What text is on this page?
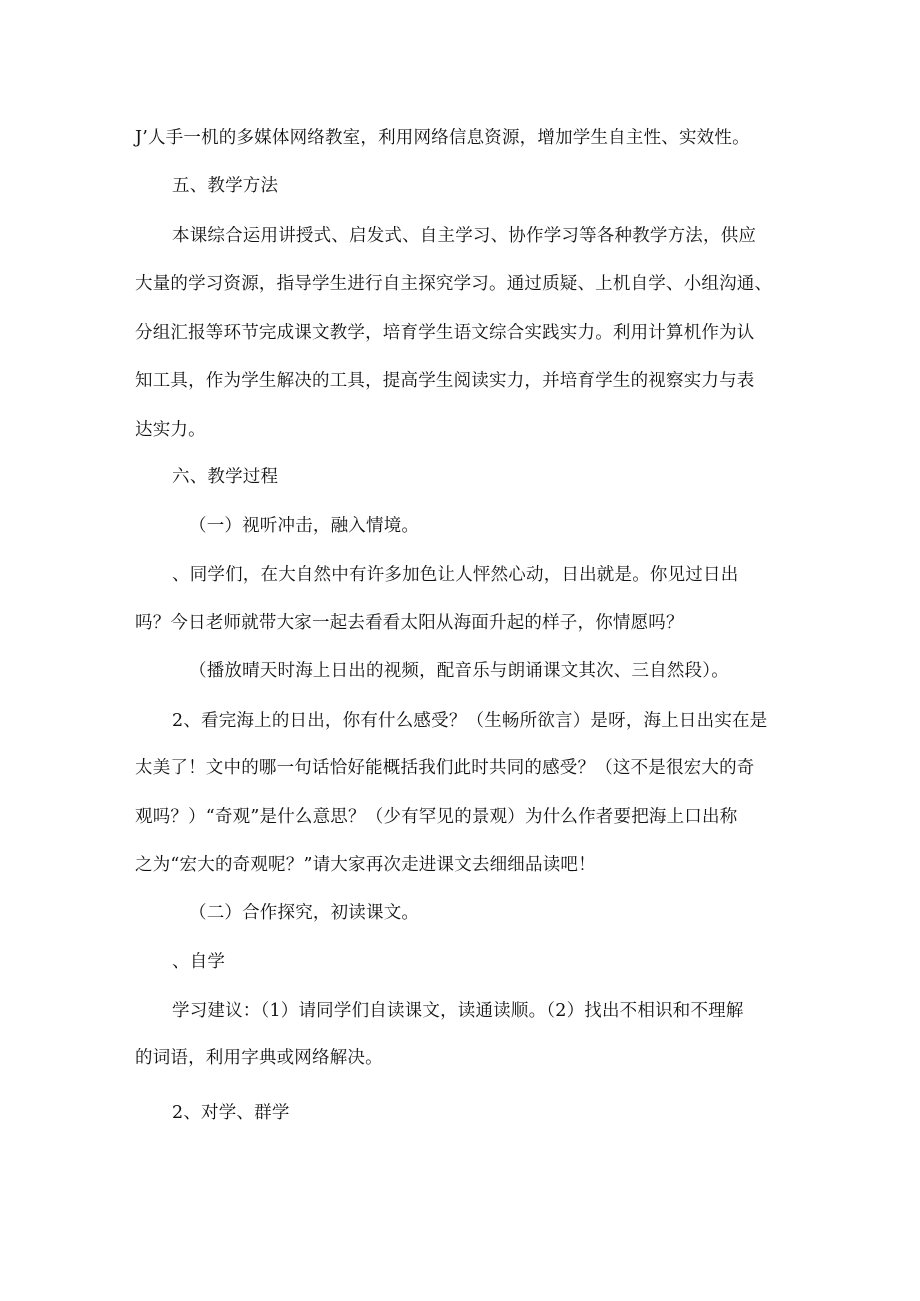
J’人手一机的多媒体网络教室，利用网络信息资源，增加学生自主性、实效性。
五、教学方法
本课综合运用讲授式、启发式、自主学习、协作学习等各种教学方法，供应
大量的学习资源，指导学生进行自主探究学习。通过质疑、上机自学、小组沟通、
分组汇报等环节完成课文教学，培育学生语文综合实践实力。利用计算机作为认
知工具，作为学生解决的工具，提高学生阅读实力，并培育学生的视察实力与表
达实力。
六、教学过程
（一）视听冲击，融入情境。
、同学们，在大自然中有许多加色让人怦然心动，日出就是。你见过日出
吗？今日老师就带大家一起去看看太阳从海面升起的样子，你情愿吗？
（播放晴天时海上日出的视频，配音乐与朗诵课文其次、三自然段）。
2、看完海上的日出，你有什么感受？（生畅所欲言）是呀，海上日出实在是
太美了！文中的哪一句话恰好能概括我们此时共同的感受？（这不是很宏大的奇
观吗？）“奇观”是什么意思？（少有罕见的景观）为什么作者要把海上口出称
之为“宏大的奇观呢？”请大家再次走进课文去细细品读吧！
（二）合作探究，初读课文。
、自学
学习建议：（1）请同学们自读课文，读通读顺。（2）找出不相识和不理解
的词语，利用字典或网络解决。
2、对学、群学
